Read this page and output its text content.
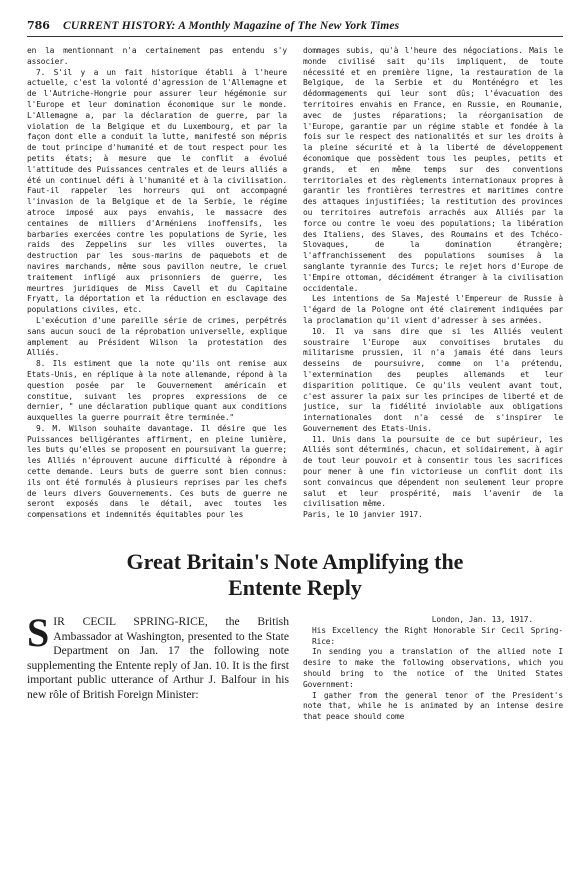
786	CURRENT HISTORY: A Monthly Magazine of The New York Times

en la mentionnant n'a certainement pas entendu s'y associer.

7. S'il y a un fait historique établi à l'heure actuelle, c'est la volonté d'agression de l'Allemagne et de l'Autriche-Hongrie pour assurer leur hégémonie sur l'Europe et leur domination économique sur le monde. L'Allemagne a, par la déclaration de guerre, par la violation de la Belgique et du Luxembourg, et par la façon dont elle a conduit la lutte, manifesté son mépris de tout principe d'humanité et de tout respect pour les petits états; à mesure que le conflit a évolué l'attitude des Puissances centrales et de leurs alliés a été un continuel défi à l'humanité et à la civilisation. Faut-il rappeler les horreurs qui ont accompagné l'invasion de la Belgique et de la Serbie, le régime atroce imposé aux pays envahis, le massacre des centaines de milliers d'Arméniens inoffensifs, les barbaries exercées contre les populations de Syrie, les raids des Zeppelins sur les villes ouvertes, la destruction par les sous-marins de paquebots et de navires marchands, même sous pavillon neutre, le cruel traitement infligé aux prisonniers de guerre, les meurtres juridiques de Miss Cavell et du Capitaine Fryatt, la déportation et la réduction en esclavage des populations civiles, etc.

L'exécution d'une pareille série de crimes, perpétrés sans aucun souci de la réprobation universelle, explique amplement au Président Wilson la protestation des Alliés.

8. Ils estiment que la note qu'ils ont remise aux Etats-Unis, en réplique à la note allemande, répond à la question posée par le Gouvernement américain et constitue, suivant les propres expressions de ce dernier, " une déclaration publique quant aux conditions auxquelles la guerre pourrait être terminée."

9. M. Wilson souhaite davantage. Il désire que les Puissances belligérantes affirment, en pleine lumière, les buts qu'elles se proposent en poursuivant la guerre; les Alliés n'éprouvent aucune difficulté à répondre à cette demande. Leurs buts de guerre sont bien connus: ils ont été formulés à plusieurs reprises par les chefs de leurs divers Gouvernements. Ces buts de guerre ne seront exposés dans le détail, avec toutes les compensations et indemnités équitables pour les

dommages subis, qu'à l'heure des négociations. Mais le monde civilisé sait qu'ils impliquent, de toute nécessité et en première ligne, la restauration de la Belgique, de la Serbie et du Monténégro et les dédommagements qui leur sont dûs; l'évacuation des territoires envahis en France, en Russie, en Roumanie, avec de justes réparations; la réorganisation de l'Europe, garantie par un régime stable et fondée à la fois sur le respect des nationalités et sur les droits à la pleine sécurité et à la liberté de développement économique que possèdent tous les peuples, petits et grands, et en même temps sur des conventions territoriales et des règlements internationaux propres à garantir les frontières terrestres et maritimes contre des attaques injustifiées; la restitution des provinces ou territoires autrefois arrachés aux Alliés par la force ou contre le voeu des populations; la libération des Italiens, des Slaves, des Roumains et des Tchéco-Slovaques, de la domination étrangère; l'affranchissement des populations soumises à la sanglante tyrannie des Turcs; le rejet hors d'Europe de l'Empire ottoman, décidément étranger à la civilisation occidentale.

Les intentions de Sa Majesté l'Empereur de Russie à l'égard de la Pologne ont été clairement indiquées par la proclamation qu'il vient d'adresser à ses armées.

10. Il va sans dire que si les Alliés veulent soustraire l'Europe aux convoitises brutales du militarisme prussien, il n'a jamais été dans leurs desseins de poursuivre, comme on l'a prétendu, l'extermination des peuples allemands et leur disparition politique. Ce qu'ils veulent avant tout, c'est assurer la paix sur les principes de liberté et de justice, sur la fidélité inviolable aux obligations internationales dont n'a cessé de s'inspirer le Gouvernement des Etats-Unis.

11. Unis dans la poursuite de ce but supérieur, les Alliés sont déterminés, chacun, et solidairement, à agir de tout leur pouvoir et à consentir tous les sacrifices pour mener à une fin victorieuse un conflit dont ils sont convaincus que dépendent non seulement leur propre salut et leur prospérité, mais l'avenir de la civilisation même.

Paris, le 10 janvier 1917.

Great Britain's Note Amplifying the

Entente Reply

SIR CECIL SPRING-RICE, the British Ambassador at Washington, presented to the State Department on Jan. 17 the following note supplementing the Entente reply of Jan. 10. It is the first important public utterance of Arthur J. Balfour in his new rôle of British Foreign Minister:

London, Jan. 13, 1917.

His Excellency the Right Honorable Sir Cecil Spring-Rice:

In sending you a translation of the allied note I desire to make the following observations, which you should bring to the notice of the United States Government:

I gather from the general tenor of the President's note that, while he is animated by an intense desire that peace should come
